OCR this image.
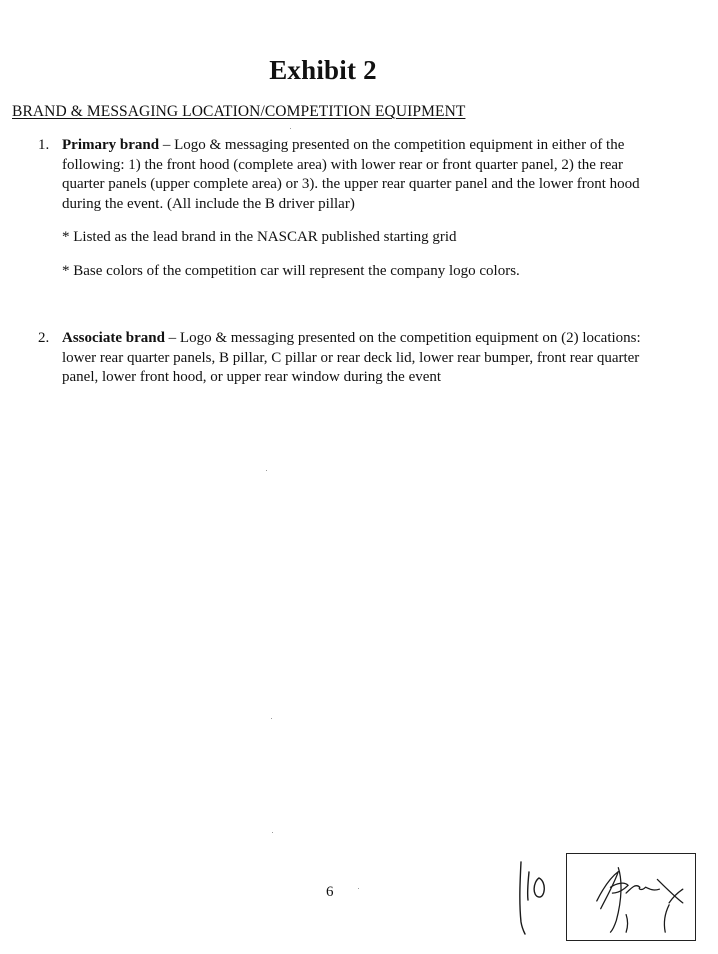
Exhibit 2
BRAND & MESSAGING LOCATION/COMPETITION EQUIPMENT
1. Primary brand – Logo & messaging presented on the competition equipment in either of the following: 1) the front hood (complete area) with lower rear or front quarter panel, 2) the rear quarter panels (upper complete area) or 3). the upper rear quarter panel and the lower front hood during the event. (All include the B driver pillar)

* Listed as the lead brand in the NASCAR published starting grid
* Base colors of the competition car will represent the company logo colors.
2. Associate brand – Logo & messaging presented on the competition equipment on (2) locations: lower rear quarter panels, B pillar, C pillar or rear deck lid, lower rear bumper, front rear quarter panel, lower front hood, or upper rear window during the event

6
